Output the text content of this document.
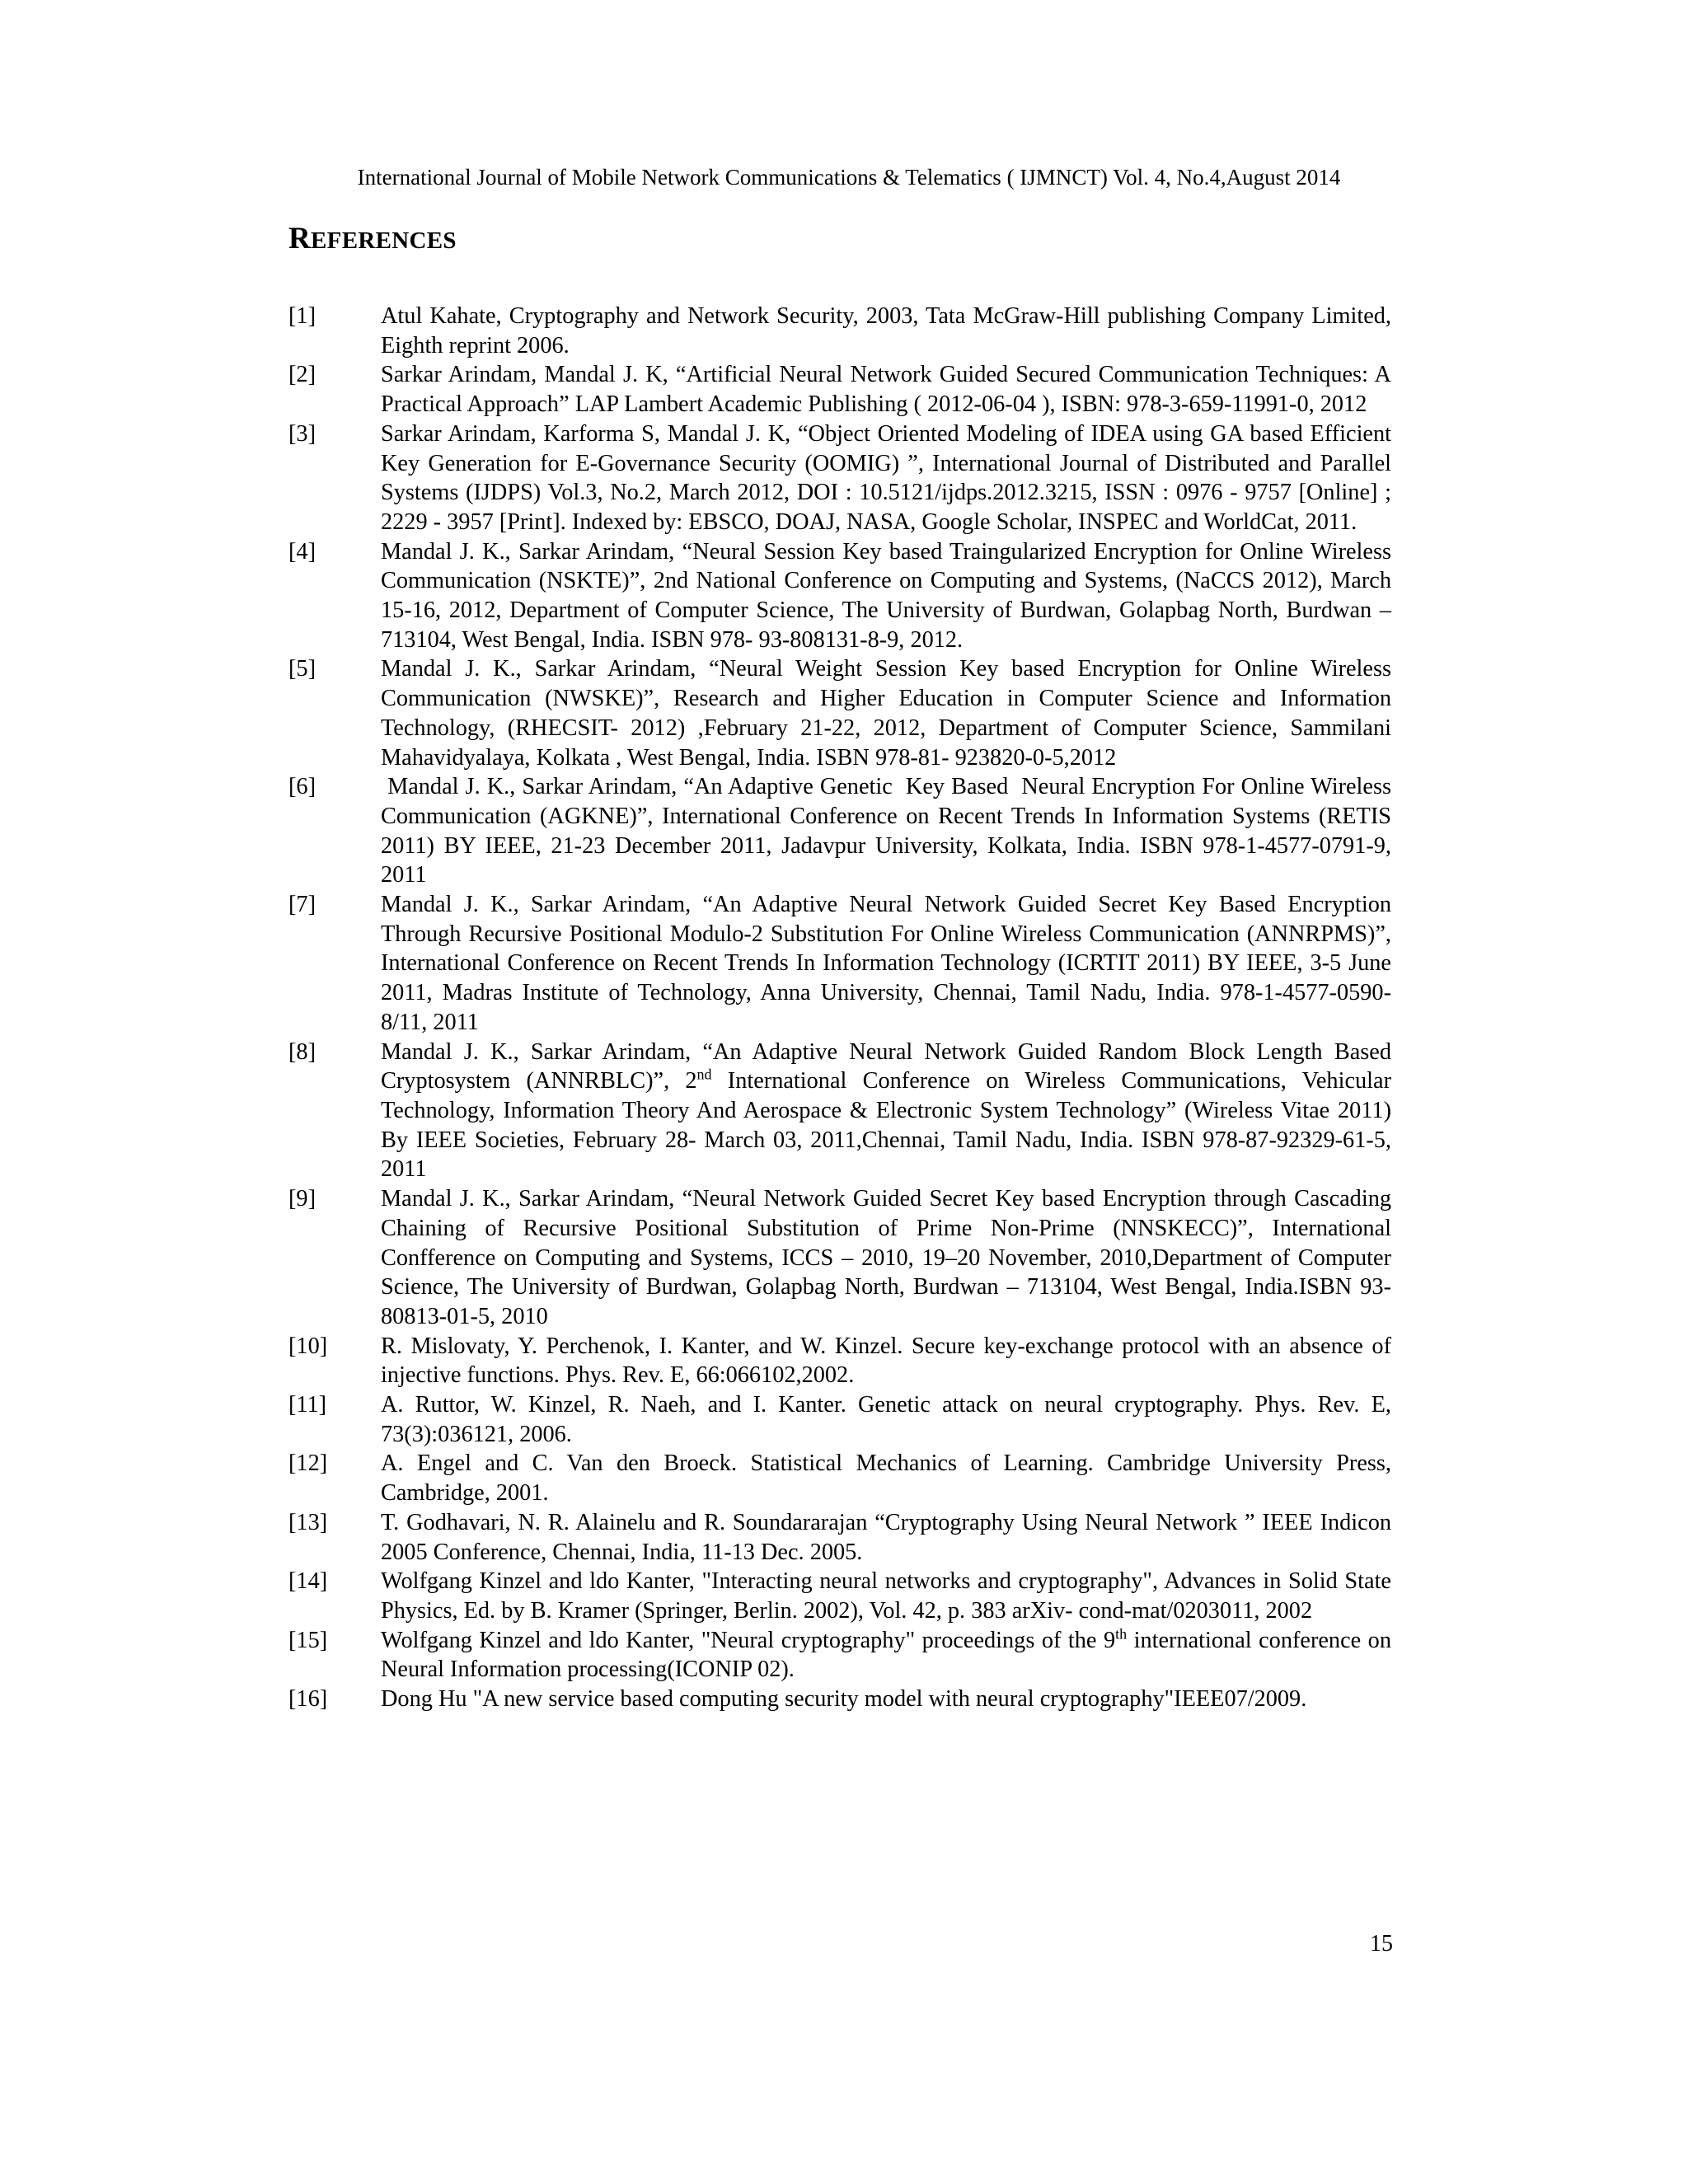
International Journal of Mobile Network Communications & Telematics ( IJMNCT) Vol. 4, No.4,August 2014
REFERENCES
[1]	Atul Kahate, Cryptography and Network Security, 2003, Tata McGraw-Hill publishing Company Limited, Eighth reprint 2006.
[2]	Sarkar Arindam, Mandal J. K, “Artificial Neural Network Guided Secured Communication Techniques: A Practical Approach” LAP Lambert Academic Publishing ( 2012-06-04 ), ISBN: 978-3-659-11991-0, 2012
[3]	Sarkar Arindam, Karforma S, Mandal J. K, “Object Oriented Modeling of IDEA using GA based Efficient Key Generation for E-Governance Security (OOMIG) ”, International Journal of Distributed and Parallel Systems (IJDPS) Vol.3, No.2, March 2012, DOI : 10.5121/ijdps.2012.3215, ISSN : 0976 - 9757 [Online] ; 2229 - 3957 [Print]. Indexed by: EBSCO, DOAJ, NASA, Google Scholar, INSPEC and WorldCat, 2011.
[4]	Mandal J. K., Sarkar Arindam, “Neural Session Key based Traingularized Encryption for Online Wireless Communication (NSKTE)”, 2nd National Conference on Computing and Systems, (NaCCS 2012), March 15-16, 2012, Department of Computer Science, The University of Burdwan, Golapbag North, Burdwan –713104, West Bengal, India. ISBN 978- 93-808131-8-9, 2012.
[5]	Mandal J. K., Sarkar Arindam, “Neural Weight Session Key based Encryption for Online Wireless Communication (NWSKE)”, Research and Higher Education in Computer Science and Information Technology, (RHECSIT- 2012) ,February 21-22, 2012, Department of Computer Science, Sammilani Mahavidyalaya, Kolkata , West Bengal, India. ISBN 978-81- 923820-0-5,2012
[6]	Mandal J. K., Sarkar Arindam, “An Adaptive Genetic  Key Based  Neural Encryption For Online Wireless Communication (AGKNE)”, International Conference on Recent Trends In Information Systems (RETIS 2011) BY IEEE, 21-23 December 2011, Jadavpur University, Kolkata, India. ISBN 978-1-4577-0791-9, 2011
[7]	Mandal J. K., Sarkar Arindam, “An Adaptive Neural Network Guided Secret Key Based Encryption Through Recursive Positional Modulo-2 Substitution For Online Wireless Communication (ANNRPMS)”, International Conference on Recent Trends In Information Technology (ICRTIT 2011) BY IEEE, 3-5 June 2011, Madras Institute of Technology, Anna University, Chennai, Tamil Nadu, India. 978-1-4577-0590-8/11, 2011
[8]	Mandal J. K., Sarkar Arindam, “An Adaptive Neural Network Guided Random Block Length Based Cryptosystem (ANNRBLC)”, 2nd International Conference on Wireless Communications, Vehicular Technology, Information Theory And Aerospace & Electronic System Technology” (Wireless Vitae 2011) By IEEE Societies, February 28- March 03, 2011,Chennai, Tamil Nadu, India. ISBN 978-87-92329-61-5, 2011
[9]	Mandal J. K., Sarkar Arindam, “Neural Network Guided Secret Key based Encryption through Cascading Chaining of Recursive Positional Substitution of Prime Non-Prime (NNSKECC)”, International Confference on Computing and Systems, ICCS – 2010, 19–20 November, 2010,Department of Computer Science, The University of Burdwan, Golapbag North, Burdwan – 713104, West Bengal, India.ISBN 93-80813-01-5, 2010
[10]	R. Mislovaty, Y. Perchenok, I. Kanter, and W. Kinzel. Secure key-exchange protocol with an absence of injective functions. Phys. Rev. E, 66:066102,2002.
[11]	A. Ruttor, W. Kinzel, R. Naeh, and I. Kanter. Genetic attack on neural cryptography. Phys. Rev. E, 73(3):036121, 2006.
[12]	A. Engel and C. Van den Broeck. Statistical Mechanics of Learning. Cambridge University Press, Cambridge, 2001.
[13]	T. Godhavari, N. R. Alainelu and R. Soundararajan “Cryptography Using Neural Network ” IEEE Indicon 2005 Conference, Chennai, India, 11-13 Dec. 2005.
[14]	Wolfgang Kinzel and ldo Kanter, "Interacting neural networks and cryptography", Advances in Solid State Physics, Ed. by B. Kramer (Springer, Berlin. 2002), Vol. 42, p. 383 arXiv- cond-mat/0203011, 2002
[15]	Wolfgang Kinzel and ldo Kanter, "Neural cryptography" proceedings of the 9th international conference on Neural Information processing(ICONIP 02).
[16]	Dong Hu "A new service based computing security model with neural cryptography"IEEE07/2009.
15
